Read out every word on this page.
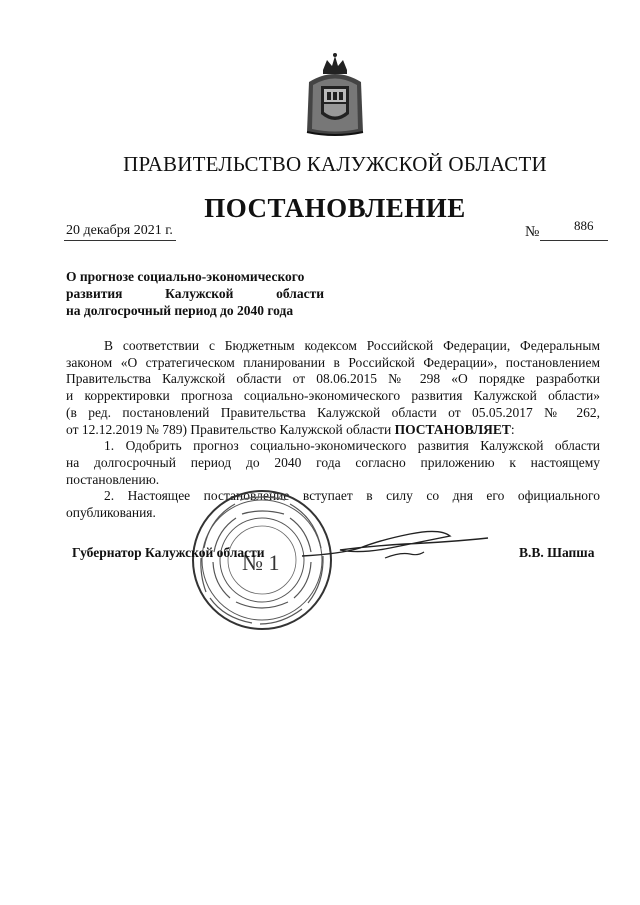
ПРАВИТЕЛЬСТВО КАЛУЖСКОЙ ОБЛАСТИ
ПОСТАНОВЛЕНИЕ
20 декабря 2021 г.	№	886
О прогнозе социально-экономического
развития Калужской области
на долгосрочный период до 2040 года

В соответствии с Бюджетным кодексом Российской Федерации, Федеральным

законом «О стратегическом планировании в Российской Федерации», постановлением

Правительства Калужской области от 08.06.2015 № 298 «О порядке разработки

и корректировки прогноза социально-экономического развития Калужской области»

(в ред. постановлений Правительства Калужской области от 05.05.2017 № 262,

от 12.12.2019 № 789) Правительство Калужской области ПОСТАНОВЛЯЕТ:

1. Одобрить прогноз социально-экономического развития Калужской области

на долгосрочный период до 2040 года согласно приложению к настоящему

постановлению.

2. Настоящее постановление вступает в силу со дня его официального

опубликования.

№ 1
Губернатор Калужской области	В.В. Шапша
